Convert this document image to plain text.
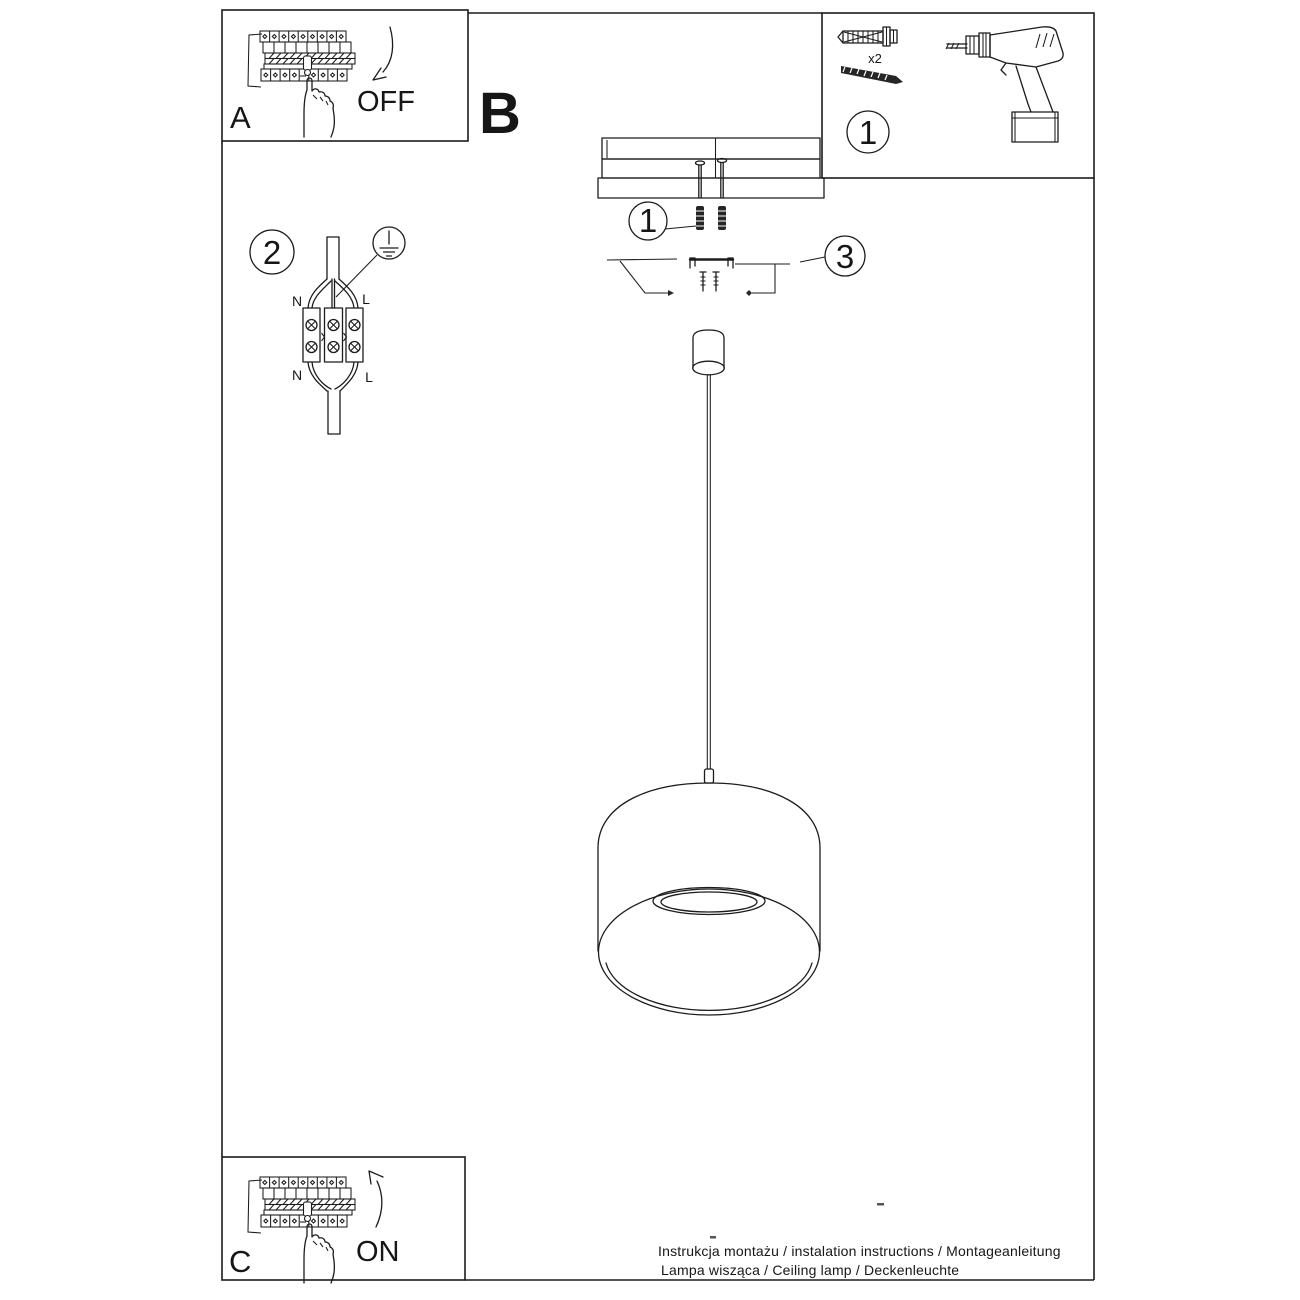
A	OFF B
x2
1
1
3
2
N	L
N	L
C	ON	Instrukcja montażu / instalation instructions / Montageanleitung
Lampa wisząca / Ceiling lamp / Deckenleuchte
